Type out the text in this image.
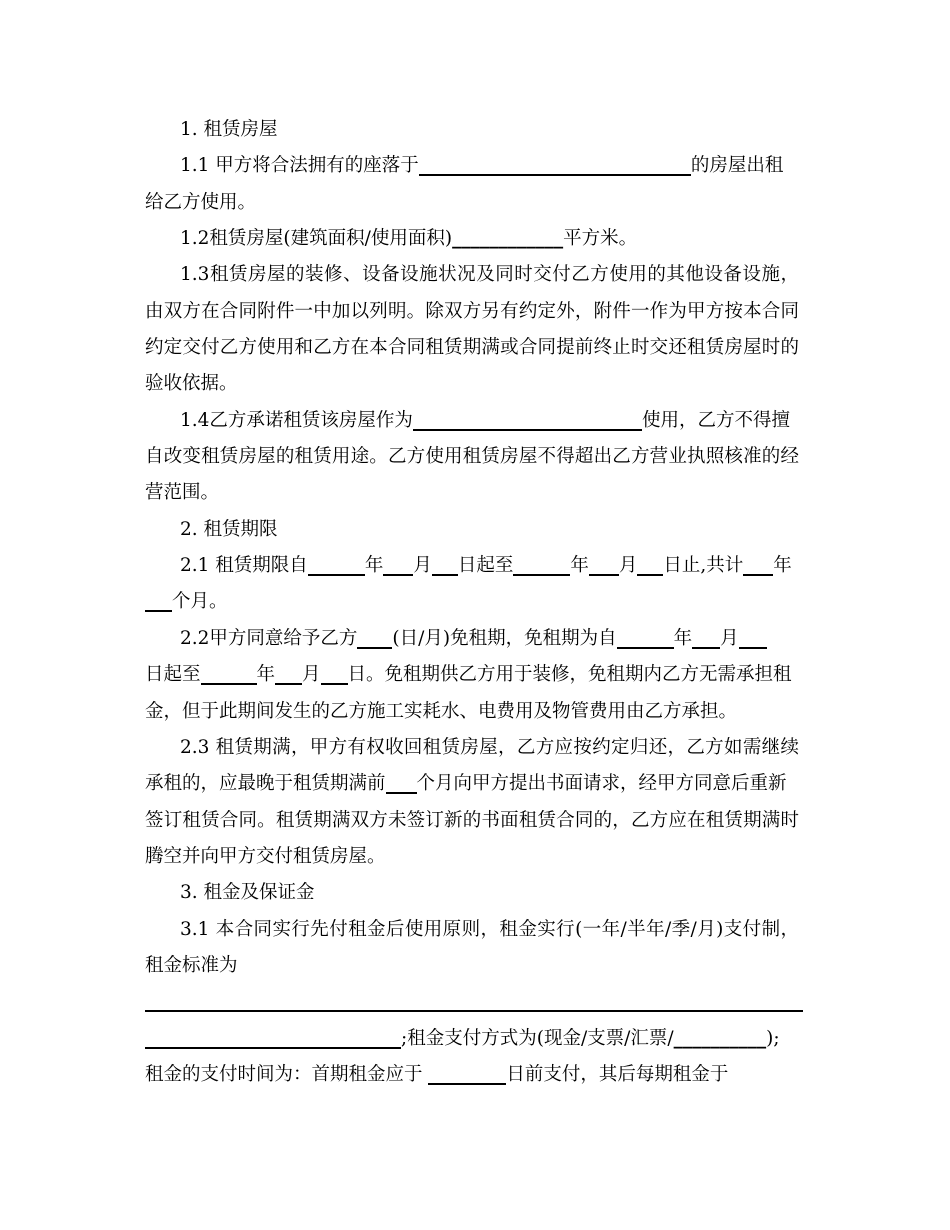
1. 租赁房屋
1.1 甲方将合法拥有的座落于	的房屋出租
给乙方使用。
1.2租赁房屋(建筑面积/使用面积)____________平方米。
1.3租赁房屋的装修、设备设施状况及同时交付乙方使用的其他设备设施，
由双方在合同附件一中加以列明。除双方另有约定外，附件一作为甲方按本合同
约定交付乙方使用和乙方在本合同租赁期满或合同提前终止时交还租赁房屋时的
验收依据。
1.4乙方承诺租赁该房屋作为	使用，乙方不得擅
自改变租赁房屋的租赁用途。乙方使用租赁房屋不得超出乙方营业执照核准的经
营范围。
2. 租赁期限
2.1 租赁期限自	年 月 日起至	年 月 日止,共计 年
个月。
2.2甲方同意给予乙方 (日/月)免租期，免租期为自	年 月
日起至	年 月 日。免租期供乙方用于装修，免租期内乙方无需承担租
金，但于此期间发生的乙方施工实耗水、电费用及物管费用由乙方承担。
2.3 租赁期满，甲方有权收回租赁房屋，乙方应按约定归还，乙方如需继续
承租的，应最晚于租赁期满前 个月向甲方提出书面请求，经甲方同意后重新
签订租赁合同。租赁期满双方未签订新的书面租赁合同的，乙方应在租赁期满时
腾空并向甲方交付租赁房屋。
3. 租金及保证金
3.1 本合同实行先付租金后使用原则，租金实行(一年/半年/季/月)支付制，
租金标准为
;租金支付方式为(现金/支票/汇票/__________);
租金的支付时间为：首期租金应于	日前支付，其后每期租金于
